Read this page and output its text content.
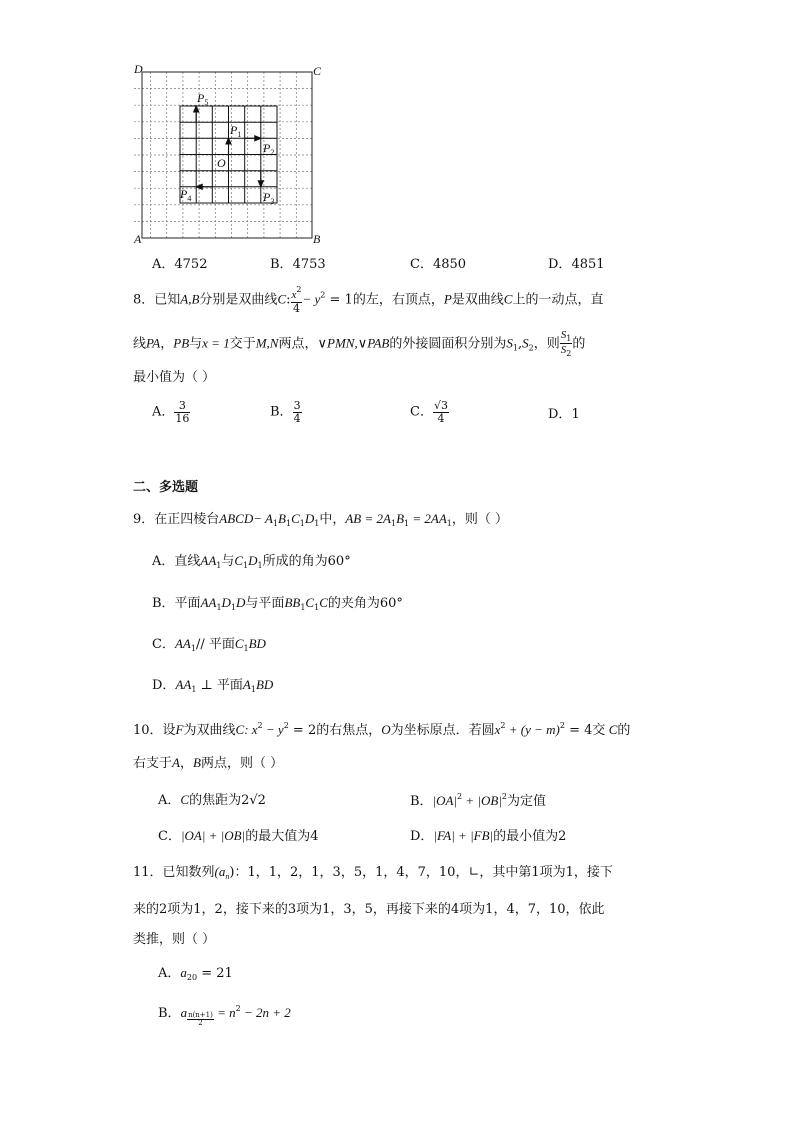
D	C
A	B
O
$P_1$
$P_2$
$P_3$
$P_4$
$P_5$
A．4752	B．4753	C．4850	D．4851
8．已知A,B分别是双曲线C: $\frac{x^2}{4} - y^2 = 1$的左，右顶点，P是双曲线C上的一动点，直
线PA，PB与x = 1交于M,N两点，∨PMN,∨PAB的外接圆面积分别为$S_1,S_2$，则 $\frac{S_1}{S_2}$ 的
最小值为（ ）
A． $\frac{3}{16}$	B． $\frac{3}{4}$	C． $\frac{√3}{4}$	D．1
二、多选题
9．在正四棱台ABCD− $A_1B_1C_1D_1$中，AB = $2A_1B_1 = 2AA_1$，则（ ）
A．直线$AA_1$与$C_1D_1$所成的角为60°
B．平面$AA_1D_1D$与平面$BB_1C_1C$的夹角为60°
C．$AA_1//$ 平面$C_1BD$
D．$AA_1$ ⊥ 平面$A_1BD$
10．设F为双曲线C: $x^2 - y^2 = 2$的右焦点，O为坐标原点．若圆$x^2 + (y - m)^2 = 4$交 C的
右支于A，B两点，则（ ）
A．C的焦距为2√2	B．$|OA|^2 + |OB|^2$为定值
C．|OA| + |OB|的最大值为4	D．|FA| + |FB|的最小值为2
11．已知数列$(a_n)$：1，1，2，1，3，5，1，4，7，10，∟，其中第1项为1，接下
来的2项为1，2，接下来的3项为1，3，5，再接下来的4项为1，4，7，10，依此
类推，则（ ）
A．$a_{20} = 21$
B．a $\frac{n(n+1)}{2} = n^2 - 2n + 2$
